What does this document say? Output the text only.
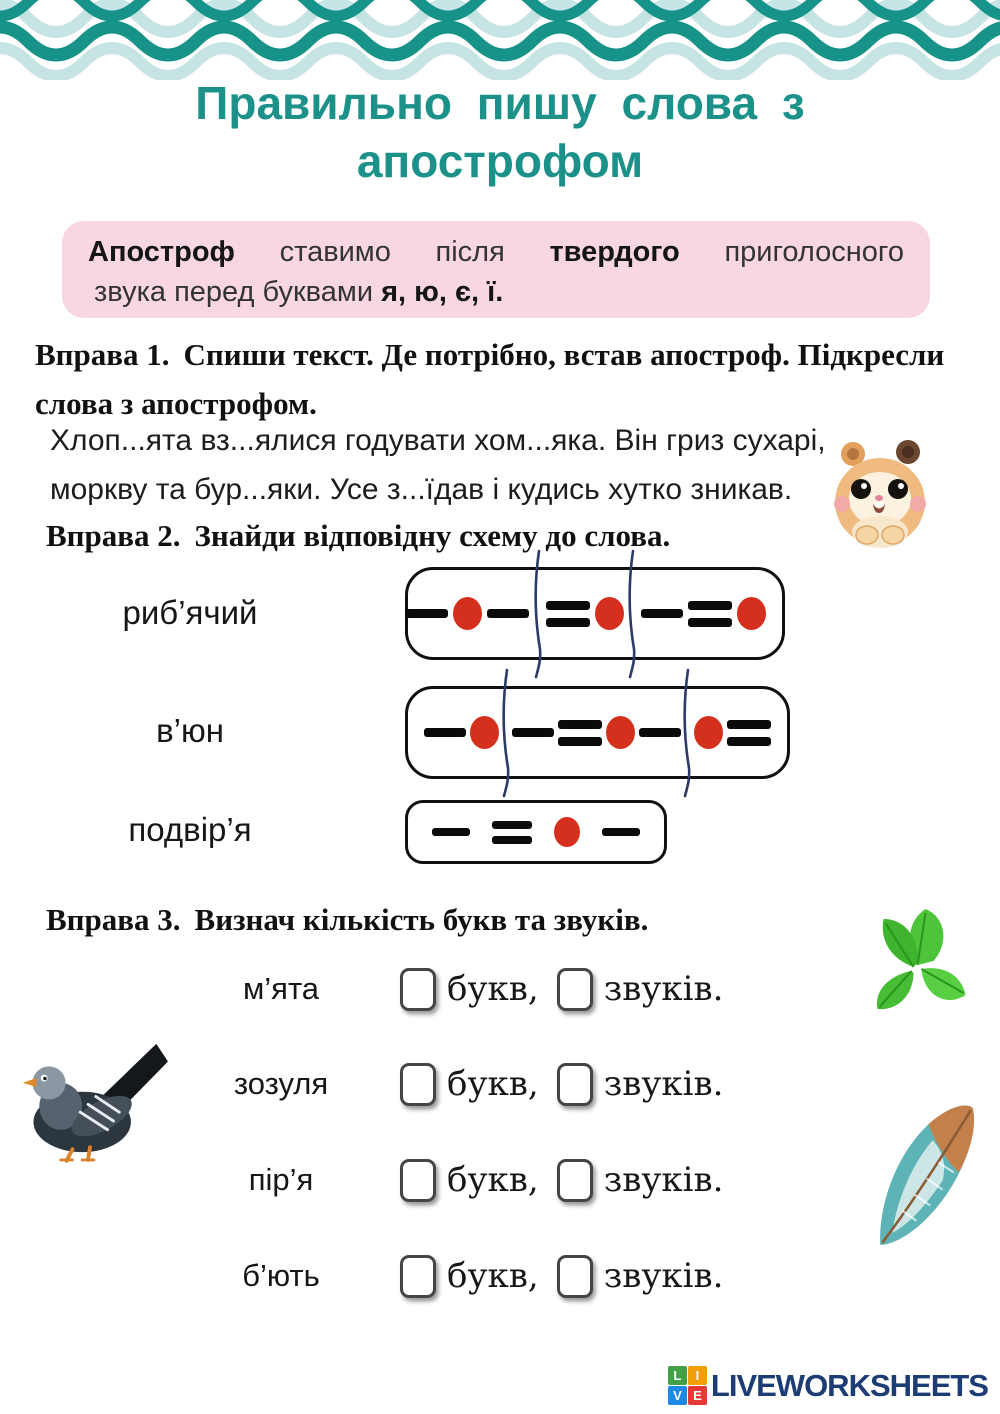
Правильно пишу слова з
апострофом

Апостроф ставимо після твердого приголосного

звука перед буквами я, ю, є, ї.

Вправа 1. Спиши текст. Де потрібно, встав апостроф. Підкресли слова з апострофом.

Хлоп...ята вз...ялися годувати хом...яка. Він гриз сухарі,
моркву та бур...яки. Усе з...їдав і кудись хутко зникав.

Вправа 2. Знайди відповідну схему до слова.

риб’ячий
в’юн
подвір’я

Вправа 3. Визнач кількість букв та звуків.

м’ята	букв, звуків.
зозуля	букв, звуків.
пір’я	букв, звуків.
б’ють	букв, звуків.
L	I
V E LIVEWORKSHEETS
